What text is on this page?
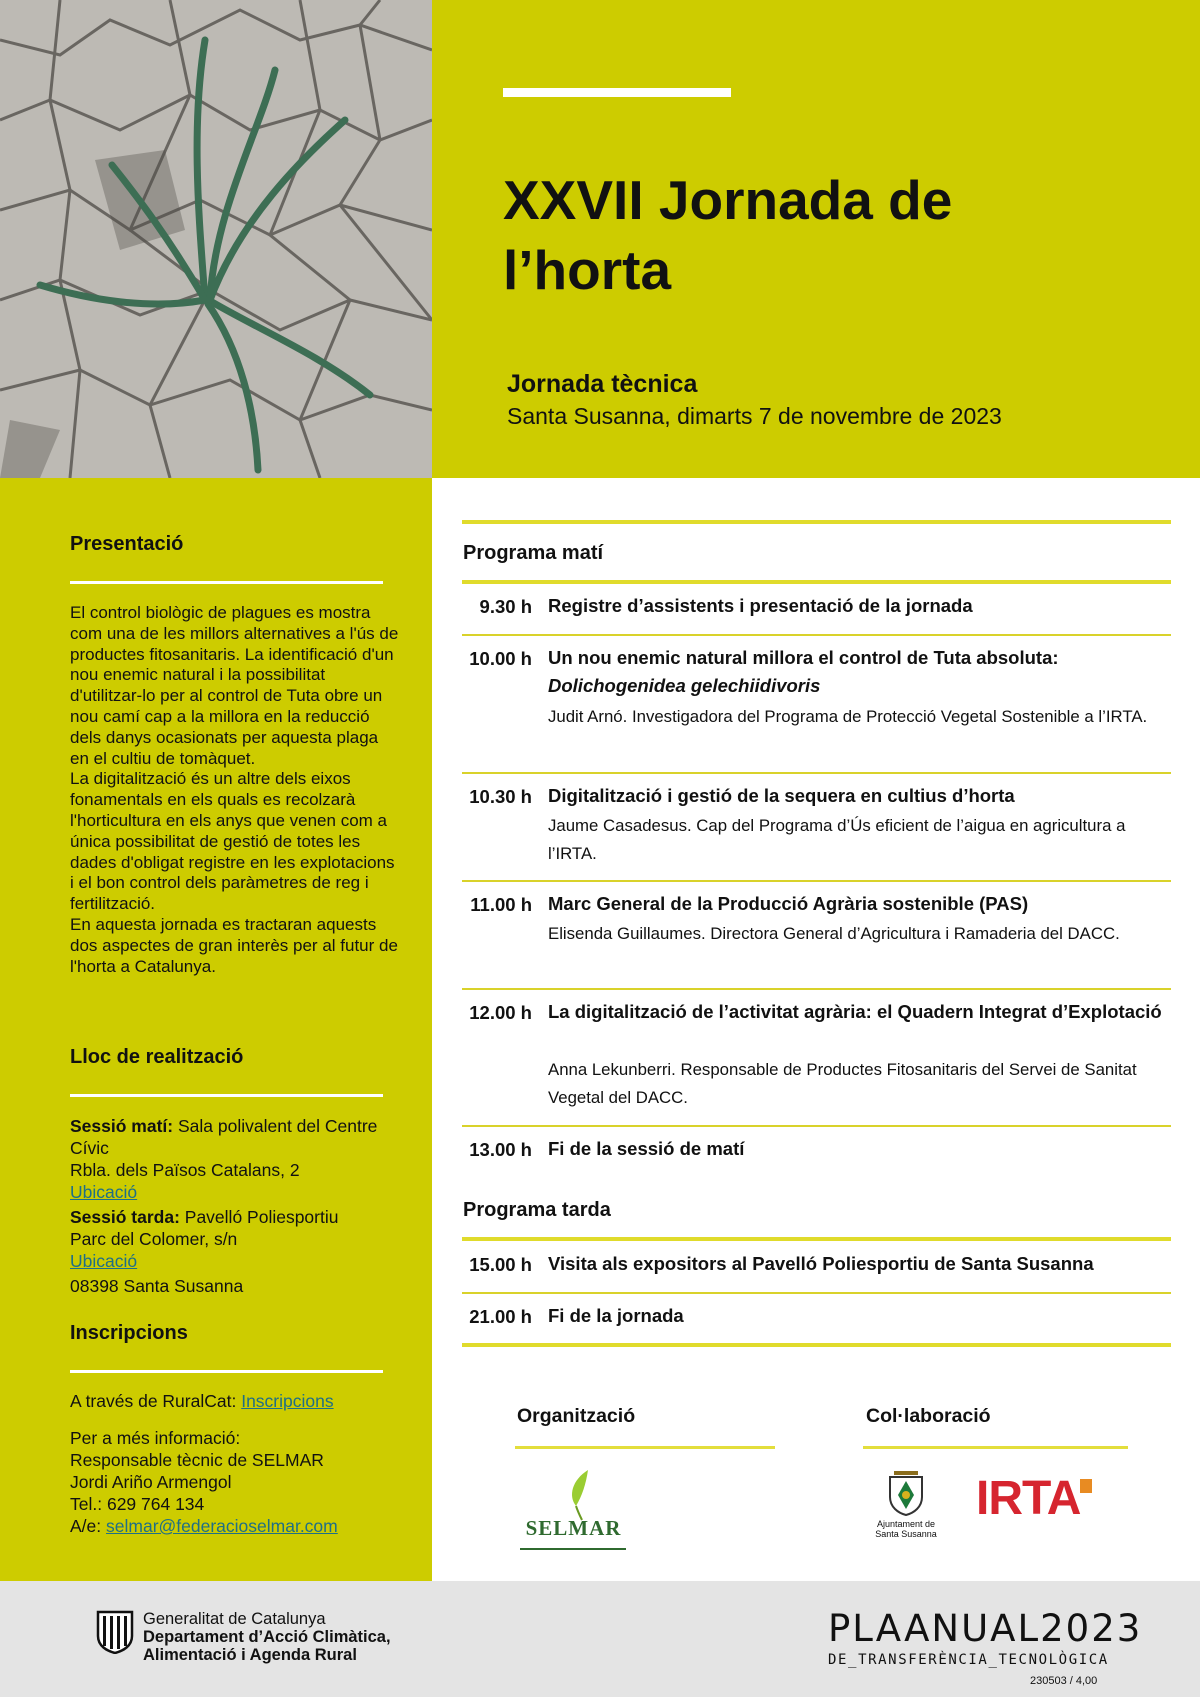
XXVII Jornada de l’horta
Jornada tècnica
Santa Susanna, dimarts 7 de novembre de 2023
Presentació

El control biològic de plagues es mostra com una de les millors alternatives a l'ús de productes fitosanitaris. La identificació d'un nou enemic natural i la possibilitat d'utilitzar-lo per al control de Tuta obre un nou camí cap a la millora en la reducció dels danys ocasionats per aquesta plaga en el cultiu de tomàquet.

La digitalització és un altre dels eixos fonamentals en els quals es recolzarà l'horticultura en els anys que venen com a única possibilitat de gestió de totes les dades d'obligat registre en les explotacions i el bon control dels paràmetres de reg i fertilització.

En aquesta jornada es tractaran aquests dos aspectes de gran interès per al futur de l'horta a Catalunya.

Lloc de realització
Sessió matí: Sala polivalent del Centre Cívic
Rbla. dels Països Catalans, 2
Ubicació
Sessió tarda: Pavelló Poliesportiu
Parc del Colomer, s/n
Ubicació
08398 Santa Susanna
Inscripcions
A través de RuralCat: Inscripcions
Per a més informació:
Responsable tècnic de SELMAR
Jordi Ariño Armengol
Tel.: 629 764 134
A/e: selmar@federacioselmar.com
Programa matí
9.30 h Registre d’assistents i presentació de la jornada
10.00 h Un nou enemic natural millora el control de Tuta absoluta:
Dolichogenidea gelechiidivoris
Judit Arnó. Investigadora del Programa de Protecció Vegetal Sostenible a l’IRTA.
10.30 h Digitalització i gestió de la sequera en cultius d’horta
Jaume Casadesus. Cap del Programa d’Ús eficient de l’aigua en agricultura a l’IRTA.
11.00 h Marc General de la Producció Agrària sostenible (PAS)
Elisenda Guillaumes. Directora General d’Agricultura i Ramaderia del DACC.
12.00 h La digitalització de l’activitat agrària: el Quadern Integrat d’Explotació
Anna Lekunberri. Responsable de Productes Fitosanitaris del Servei de Sanitat Vegetal del DACC.
13.00 h Fi de la sessió de matí
Programa tarda
15.00 h Visita als expositors al Pavelló Poliesportiu de Santa Susanna
21.00 h Fi de la jornada
Organització
SELMAR
Col·laboració
Ajuntament de
Santa Susanna
IRTA
Generalitat de Catalunya
Departament d’Acció Climàtica,
Alimentació i Agenda Rural
PLAANUAL2023
DE_TRANSFERÈNCIA_TECNOLÒGICA
230503 / 4,00
